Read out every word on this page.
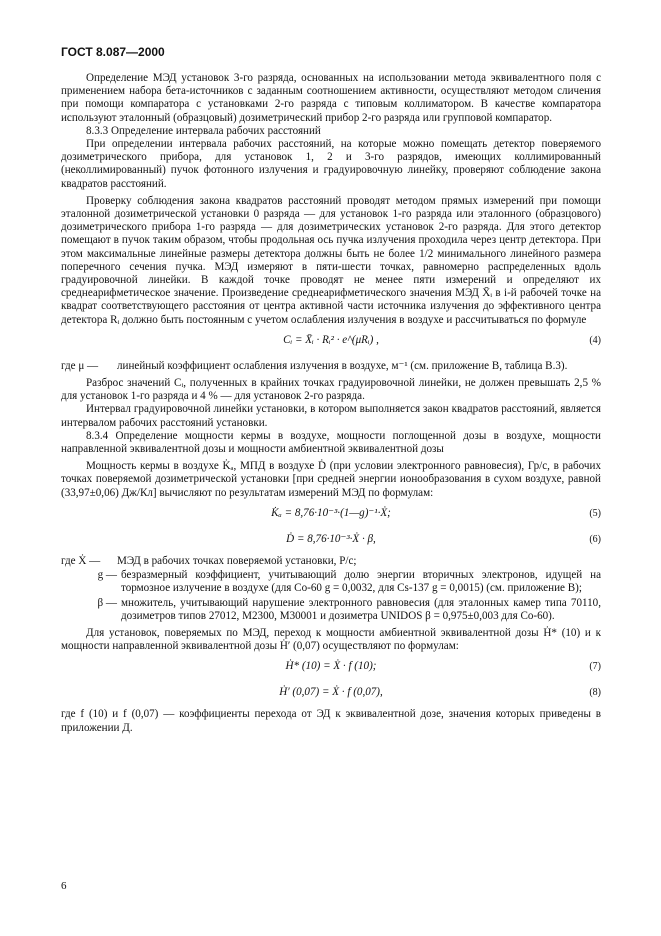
ГОСТ 8.087—2000

Определение МЭД установок 3-го разряда, основанных на использовании метода эквивалентного поля с применением набора бета-источников с заданным соотношением активности, осуществляют методом сличения при помощи компаратора с установками 2-го разряда с типовым коллиматором. В качестве компаратора используют эталонный (образцовый) дозиметрический прибор 2-го разряда или групповой компаратор.

8.3.3 Определение интервала рабочих расстояний

При определении интервала рабочих расстояний, на которые можно помещать детектор поверяемого дозиметрического прибора, для установок 1, 2 и 3-го разрядов, имеющих коллимированный (неколлимированный) пучок фотонного излучения и градуировочную линейку, проверяют соблюдение закона квадратов расстояний.

Проверку соблюдения закона квадратов расстояний проводят методом прямых измерений при помощи эталонной дозиметрической установки 0 разряда — для установок 1-го разряда или эталонного (образцового) дозиметрического прибора 1-го разряда — для дозиметрических установок 2-го разряда. Для этого детектор помещают в пучок таким образом, чтобы продольная ось пучка излучения проходила через центр детектора. При этом максимальные линейные размеры детектора должны быть не более 1/2 минимального линейного размера поперечного сечения пучка. МЭД измеряют в пяти-шести точках, равномерно распределенных вдоль градуировочной линейки. В каждой точке проводят не менее пяти измерений и определяют их среднеарифметическое значение. Произведение среднеарифметического значения МЭД X̄ᵢ в i-й рабочей точке на квадрат соответствующего расстояния от центра активной части источника излучения до эффективного центра детектора Rᵢ должно быть постоянным с учетом ослабления излучения в воздухе и рассчитываться по формуле

Cᵢ = X̄ᵢ · Rᵢ² · e^(μRᵢ) ,	(4)
где μ —	линейный коэффициент ослабления излучения в воздухе, м⁻¹ (см. приложение В, таблица В.3).

Разброс значений Cᵢ, полученных в крайних точках градуировочной линейки, не должен превышать 2,5 % для установок 1-го разряда и 4 % — для установок 2-го разряда.

Интервал градуировочной линейки установки, в котором выполняется закон квадратов расстояний, является интервалом рабочих расстояний установки.

8.3.4 Определение мощности кермы в воздухе, мощности поглощенной дозы в воздухе, мощности направленной эквивалентной дозы и мощности амбиентной эквивалентной дозы

Мощность кермы в воздухе K̇ₐ, МПД в воздухе Ḋ (при условии электронного равновесия), Гр/с, в рабочих точках поверяемой дозиметрической установки [при средней энергии ионообразования в сухом воздухе, равной (33,97±0,06) Дж/Кл] вычисляют по результатам измерений МЭД по формулам:

K̇ₐ = 8,76·10⁻³·(1—g)⁻¹·Ẋ;	(5)
Ḋ = 8,76·10⁻³·Ẋ · β,	(6)
где Ẋ —	МЭД в рабочих точках поверяемой установки, Р/с;
g — безразмерный коэффициент, учитывающий долю энергии вторичных электронов, идущей на тормозное излучение в воздухе (для Co-60 g = 0,0032, для Cs-137 g = 0,0015) (см. приложение В);
β — множитель, учитывающий нарушение электронного равновесия (для эталонных камер типа 70110, дозиметров типов 27012, М2300, М30001 и дозиметра UNIDOS β = 0,975±0,003 для Co-60).

Для установок, поверяемых по МЭД, переход к мощности амбиентной эквивалентной дозы Ḣ* (10) и к мощности направленной эквивалентной дозы Ḣ′ (0,07) осуществляют по формулам:

Ḣ* (10) = Ẋ · f (10);	(7)
Ḣ′ (0,07) = Ẋ · f (0,07),	(8)

где f (10) и f (0,07) — коэффициенты перехода от ЭД к эквивалентной дозе, значения которых приведены в приложении Д.

6
